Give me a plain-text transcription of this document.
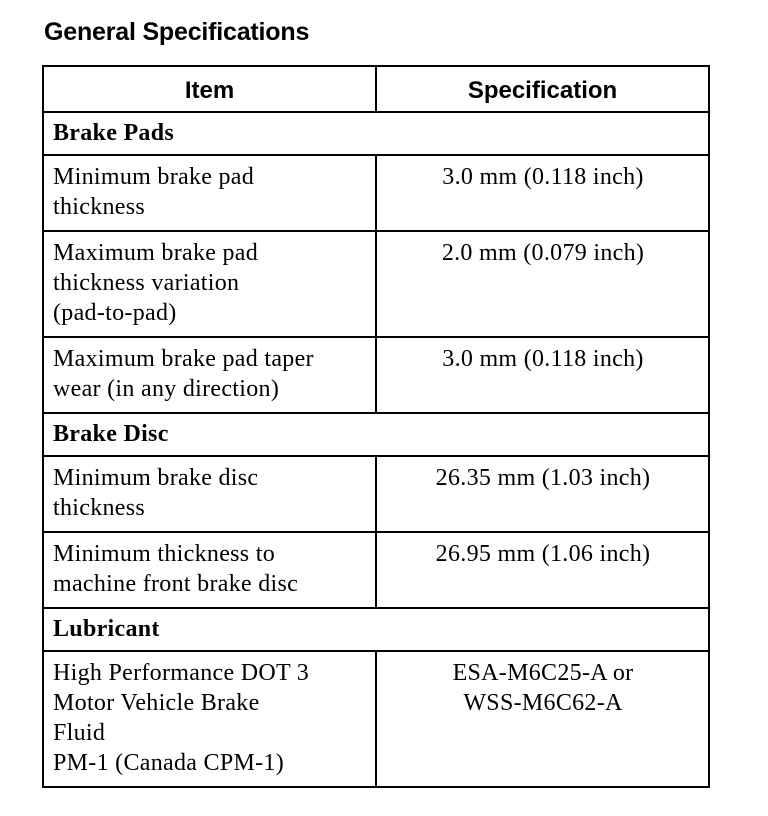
General Specifications
Item	Specification
Brake Pads	

Minimum brake pad
thickness	3.0 mm (0.118 inch)

Maximum brake pad
thickness variation
(pad-to-pad)	2.0 mm (0.079 inch)

Maximum brake pad taper
wear (in any direction)	3.0 mm (0.118 inch)

Brake Disc	

Minimum brake disc
thickness	26.35 mm (1.03 inch)

Minimum thickness to
machine front brake disc	26.95 mm (1.06 inch)

Lubricant	

High Performance DOT 3
Motor Vehicle Brake
Fluid
PM-1 (Canada CPM-1)	ESA-M6C25-A or
WSS-M6C62-A
